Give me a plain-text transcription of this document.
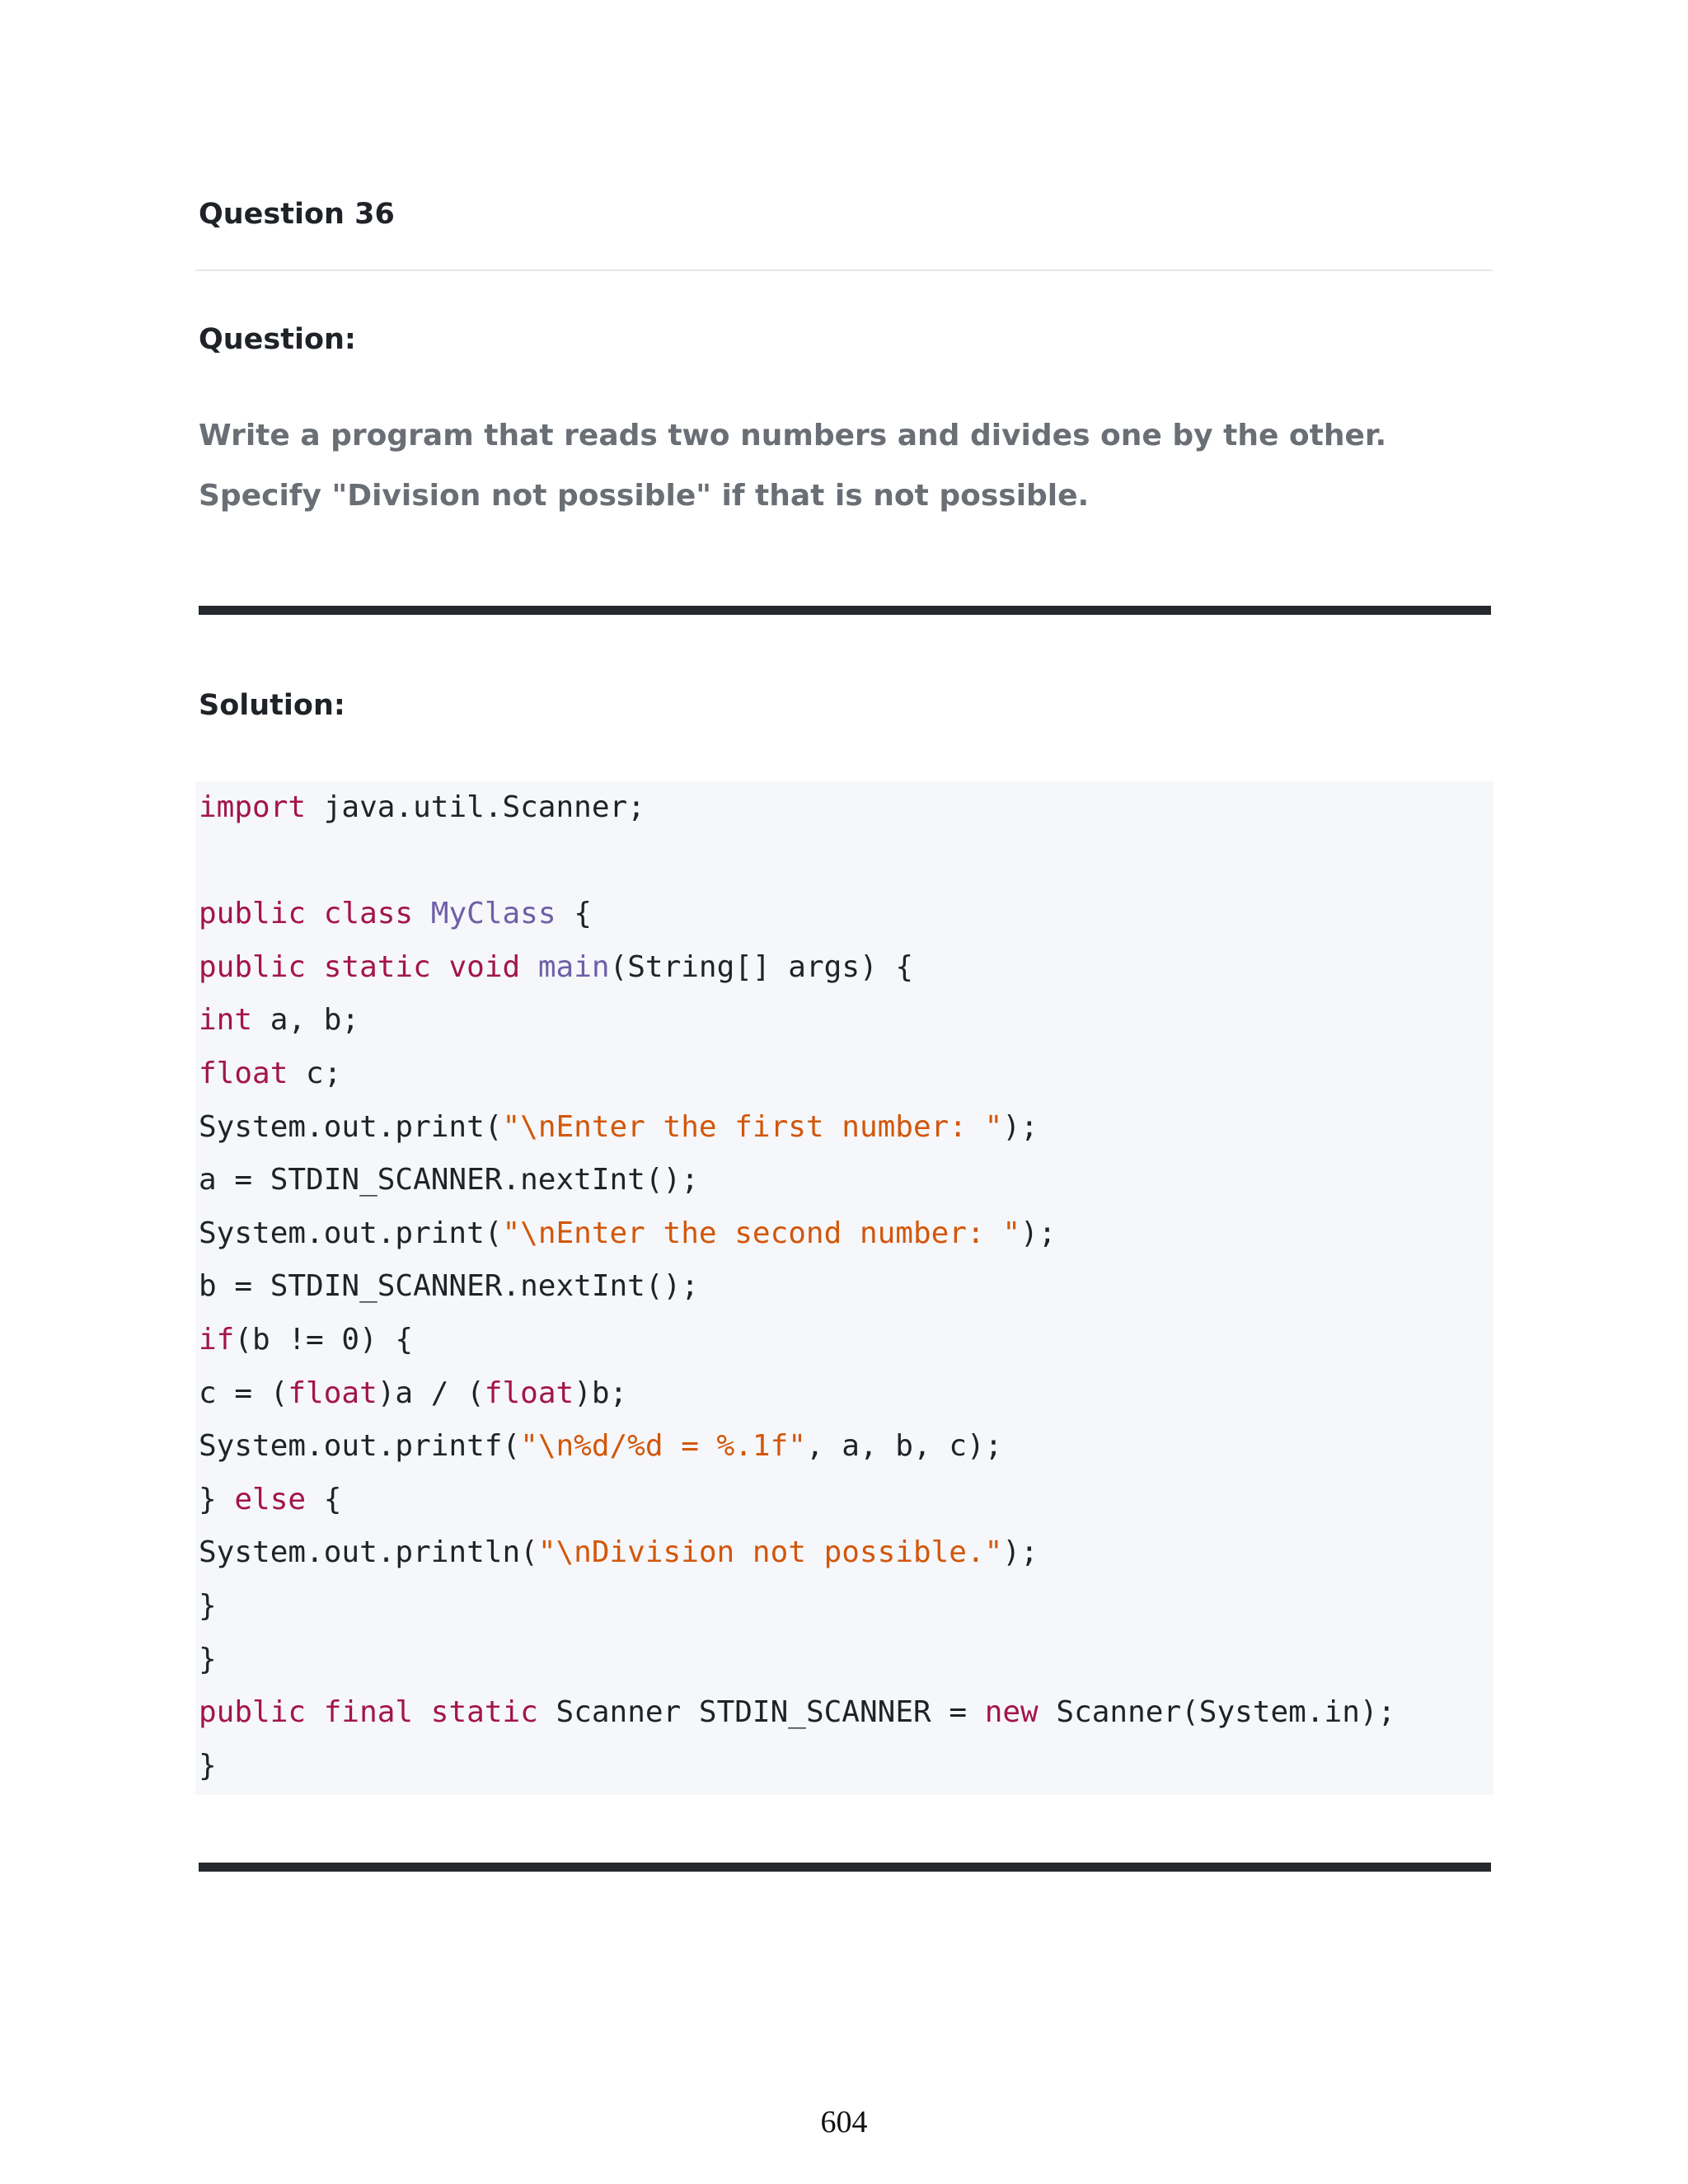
Question 36
Question:

Write a program that reads two numbers and divides one by the other. Specify "Division not possible" if that is not possible.

Solution:
import java.util.Scanner;
public class MyClass {
public static void main(String[] args) {
int a, b;
float c;
System.out.print("\nEnter the first number: ");
a = STDIN_SCANNER.nextInt();
System.out.print("\nEnter the second number: ");
b = STDIN_SCANNER.nextInt();
if(b != 0) {
c = (float)a / (float)b;
System.out.printf("\n%d/%d = %.1f", a, b, c);
} else {
System.out.println("\nDivision not possible.");
}
}
public final static Scanner STDIN_SCANNER = new Scanner(System.in);
}
604
